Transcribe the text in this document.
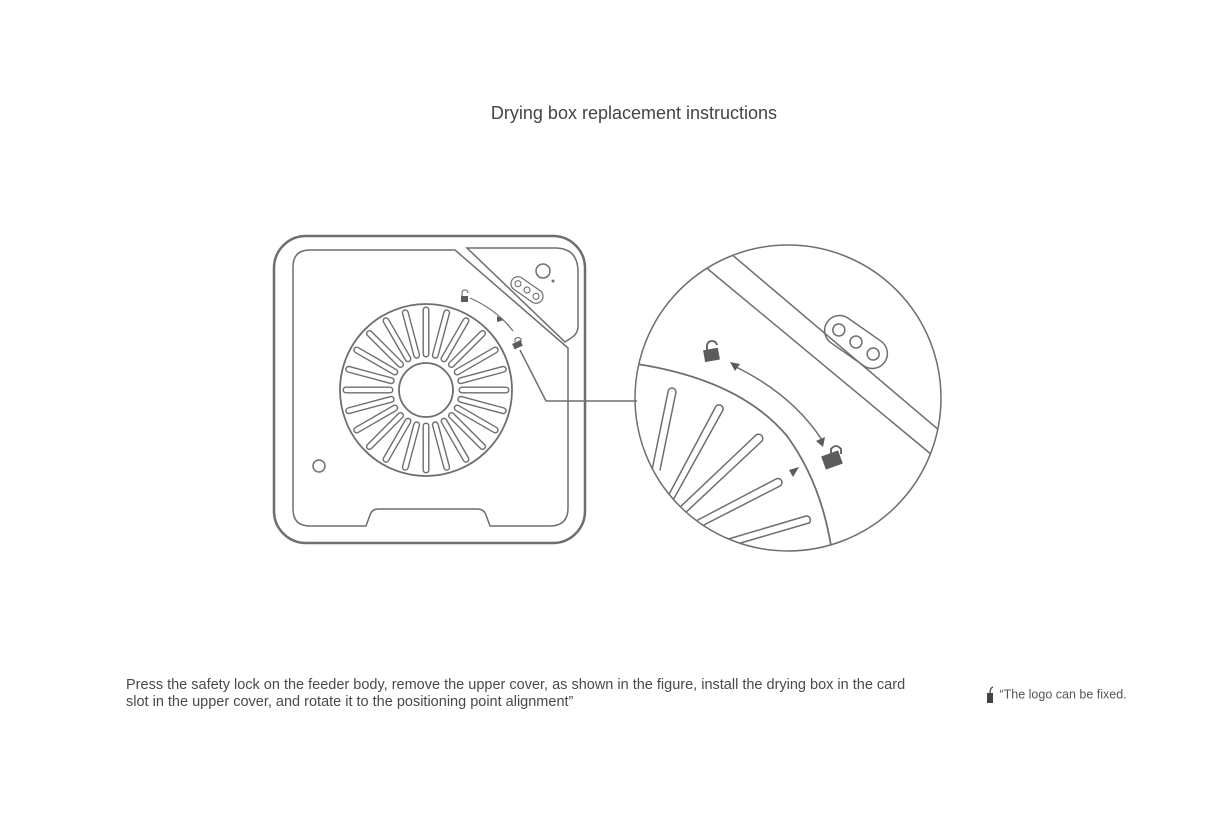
Drying box replacement instructions
Press the safety lock on the feeder body, remove the upper cover, as shown in the figure, install the drying box in the card slot in the upper cover, and rotate it to the positioning point alignment”	“The logo can be fixed.
